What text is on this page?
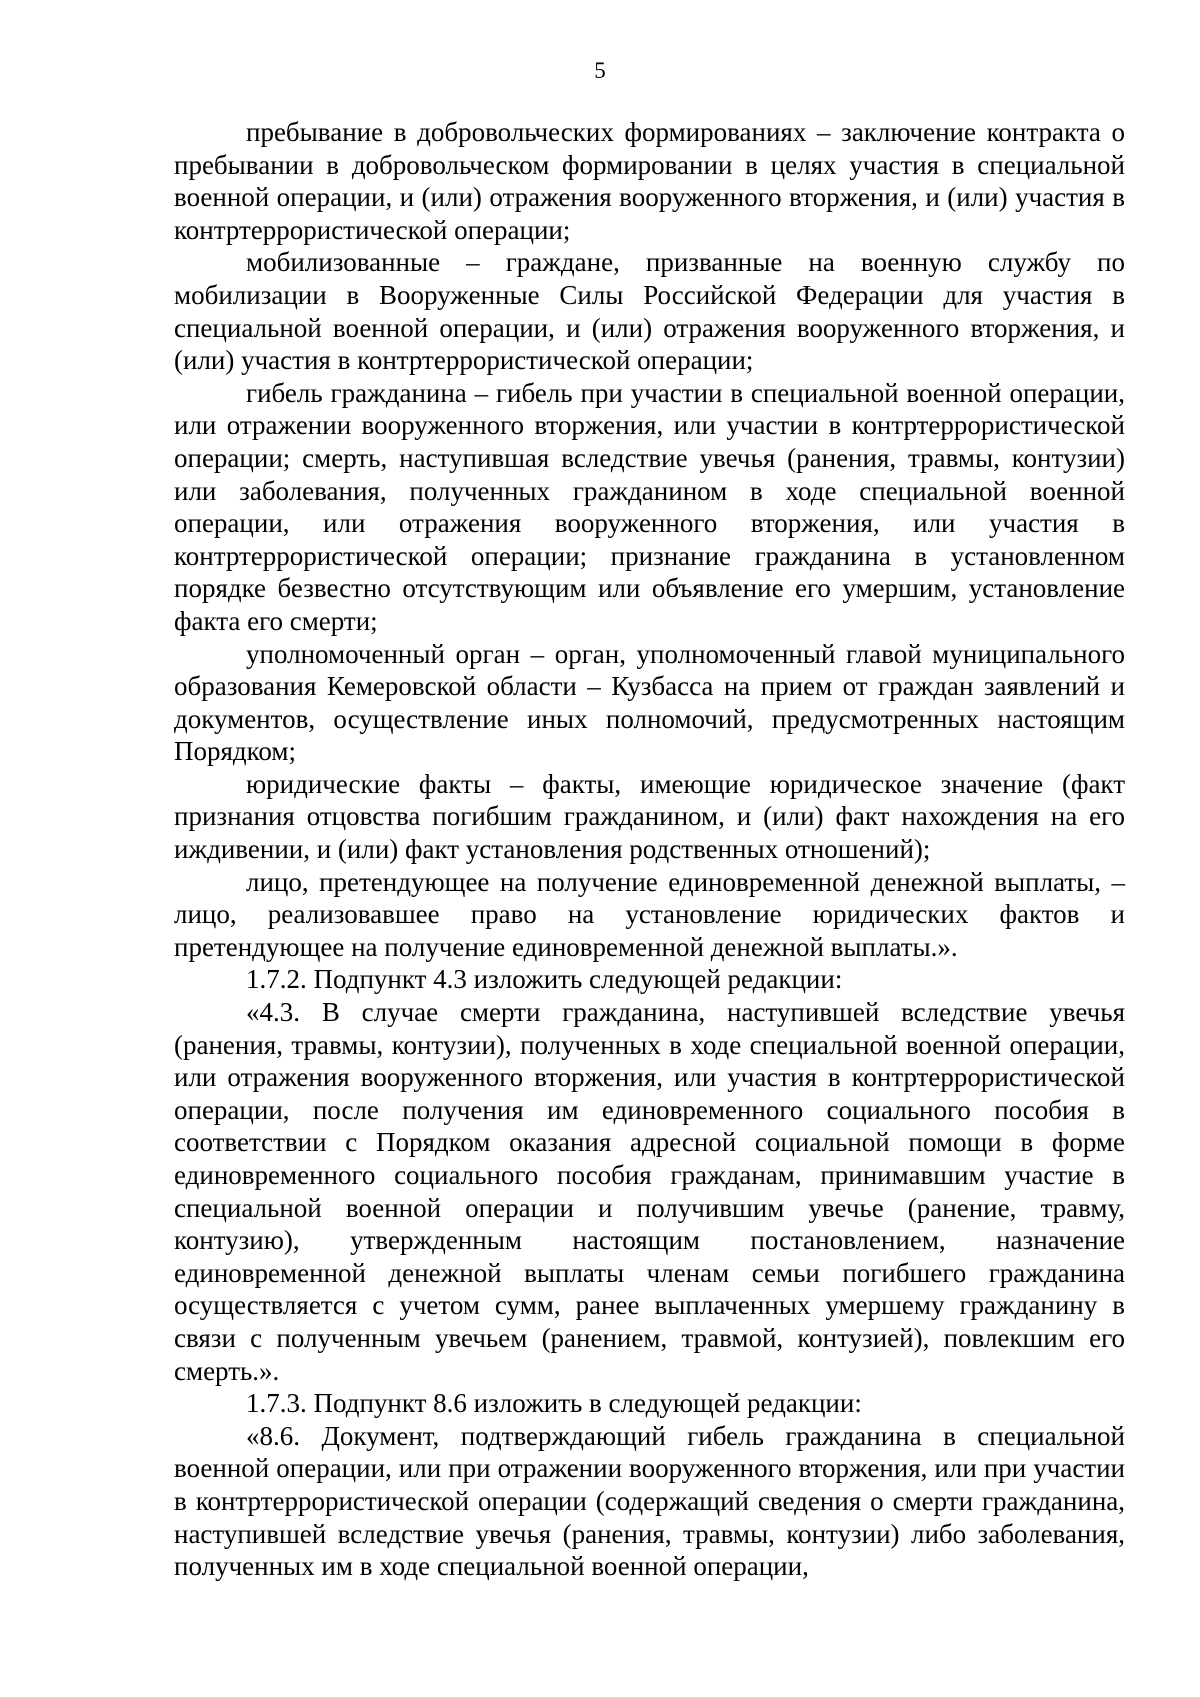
5

пребывание в добровольческих формированиях – заключение контракта о пребывании в добровольческом формировании в целях участия в специальной военной операции, и (или) отражения вооруженного вторжения, и (или) участия в контртеррористической операции;

мобилизованные – граждане, призванные на военную службу по мобилизации в Вооруженные Силы Российской Федерации для участия в специальной военной операции, и (или) отражения вооруженного вторжения, и (или) участия в контртеррористической операции;

гибель гражданина – гибель при участии в специальной военной операции, или отражении вооруженного вторжения, или участии в контртеррористической операции; смерть, наступившая вследствие увечья (ранения, травмы, контузии) или заболевания, полученных гражданином в ходе специальной военной операции, или отражения вооруженного вторжения, или участия в контртеррористической операции; признание гражданина в установленном порядке безвестно отсутствующим или объявление его умершим, установление факта его смерти;

уполномоченный орган – орган, уполномоченный главой муниципального образования Кемеровской области – Кузбасса на прием от граждан заявлений и документов, осуществление иных полномочий, предусмотренных настоящим Порядком;

юридические факты – факты, имеющие юридическое значение (факт признания отцовства погибшим гражданином, и (или) факт нахождения на его иждивении, и (или) факт установления родственных отношений);

лицо, претендующее на получение единовременной денежной выплаты, – лицо, реализовавшее право на установление юридических фактов и претендующее на получение единовременной денежной выплаты.».

1.7.2. Подпункт 4.3 изложить следующей редакции:

«4.3. В случае смерти гражданина, наступившей вследствие увечья (ранения, травмы, контузии), полученных в ходе специальной военной операции, или отражения вооруженного вторжения, или участия в контртеррористической операции, после получения им единовременного социального пособия в соответствии с Порядком оказания адресной социальной помощи в форме единовременного социального пособия гражданам, принимавшим участие в специальной военной операции и получившим увечье (ранение, травму, контузию), утвержденным настоящим постановлением, назначение единовременной денежной выплаты членам семьи погибшего гражданина осуществляется с учетом сумм, ранее выплаченных умершему гражданину в связи с полученным увечьем (ранением, травмой, контузией), повлекшим его смерть.».

1.7.3. Подпункт 8.6 изложить в следующей редакции:

«8.6. Документ, подтверждающий гибель гражданина в специальной военной операции, или при отражении вооруженного вторжения, или при участии в контртеррористической операции (содержащий сведения о смерти гражданина, наступившей вследствие увечья (ранения, травмы, контузии) либо заболевания, полученных им в ходе специальной военной операции,
